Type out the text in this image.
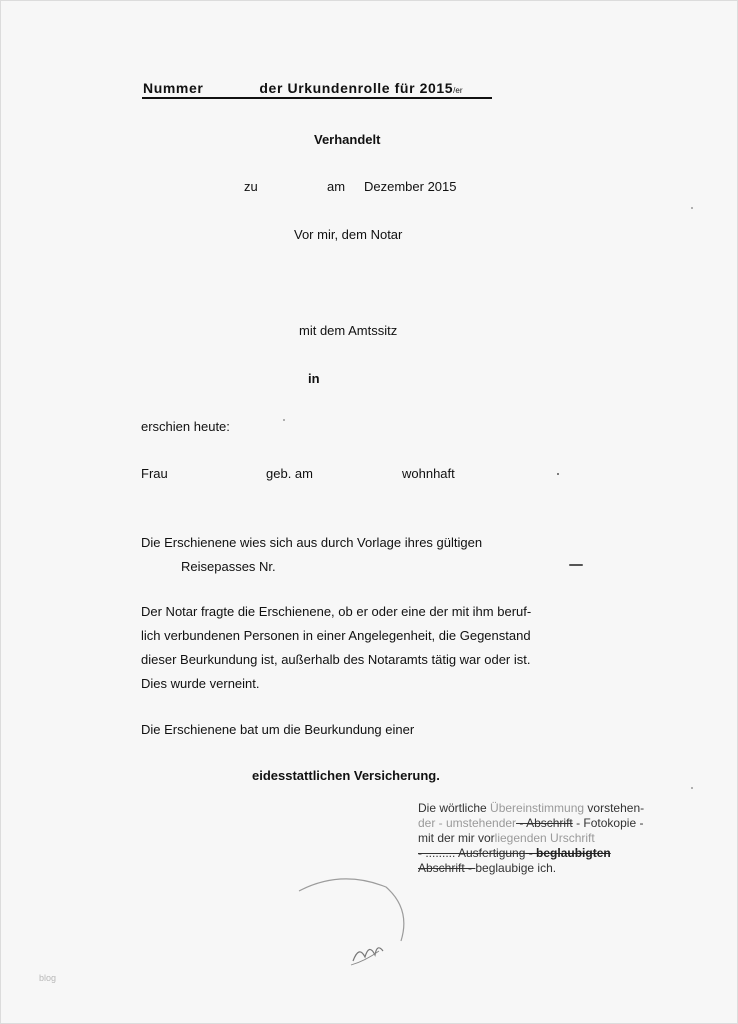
Nummer	der Urkundenrolle für 2015/er
Verhandelt
zu	am Dezember 2015
Vor mir, dem Notar
mit dem Amtssitz
in
erschien heute:
Frau	geb. am	wohnhaft
Die Erschienene wies sich aus durch Vorlage ihres gültigen
Reisepasses Nr.
Der Notar fragte die Erschienene, ob er oder eine der mit ihm beruf-
lich verbundenen Personen in einer Angelegenheit, die Gegenstand
dieser Beurkundung ist, außerhalb des Notaramts tätig war oder ist.
Dies wurde verneint.
Die Erschienene bat um die Beurkundung einer
eidesstattlichen Versicherung.
Die wörtliche Übereinstimmung vorstehen-
der - umstehender - Abschrift - Fotokopie -
mit der mir vorliegenden Urschrift
- ......... Ausfertigung - beglaubigten
Abschrift - beglaubige ich.
blog
